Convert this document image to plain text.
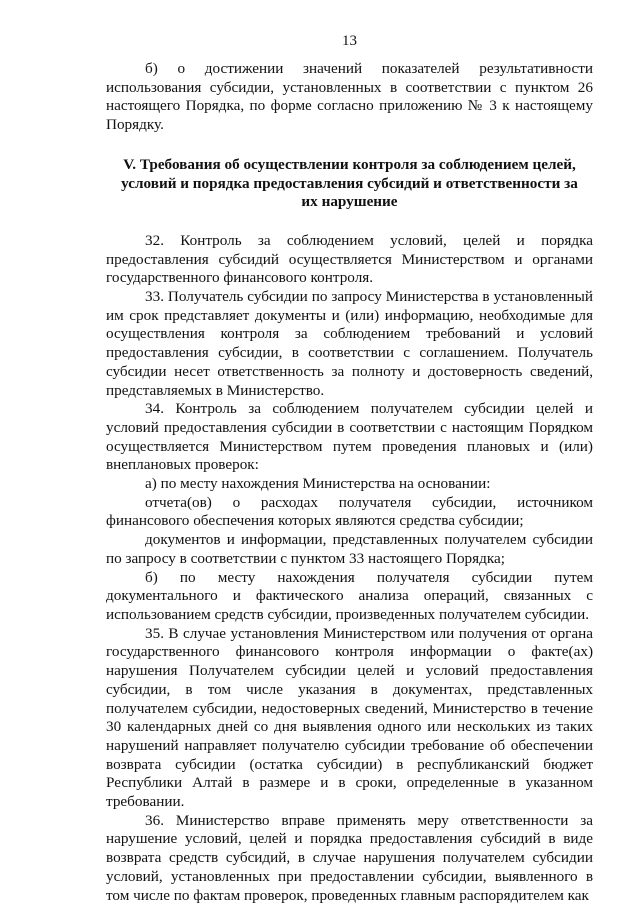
13

б) о достижении значений показателей результативности использования субсидии, установленных в соответствии с пунктом 26 настоящего Порядка, по форме согласно приложению № 3 к настоящему Порядку.

V. Требования об осуществлении контроля за соблюдением целей, условий и порядка предоставления субсидий и ответственности за их нарушение

32. Контроль за соблюдением условий, целей и порядка предоставления субсидий осуществляется Министерством и органами государственного финансового контроля.

33. Получатель субсидии по запросу Министерства в установленный им срок представляет документы и (или) информацию, необходимые для осуществления контроля за соблюдением требований и условий предоставления субсидии, в соответствии с соглашением. Получатель субсидии несет ответственность за полноту и достоверность сведений, представляемых в Министерство.

34. Контроль за соблюдением получателем субсидии целей и условий предоставления субсидии в соответствии с настоящим Порядком осуществляется Министерством путем проведения плановых и (или) внеплановых проверок:

а) по месту нахождения Министерства на основании:

отчета(ов) о расходах получателя субсидии, источником финансового обеспечения которых являются средства субсидии;

документов и информации, представленных получателем субсидии по запросу в соответствии с пунктом 33 настоящего Порядка;

б) по месту нахождения получателя субсидии путем документального и фактического анализа операций, связанных с использованием средств субсидии, произведенных получателем субсидии.

35. В случае установления Министерством или получения от органа государственного финансового контроля информации о факте(ах) нарушения Получателем субсидии целей и условий предоставления субсидии, в том числе указания в документах, представленных получателем субсидии, недостоверных сведений, Министерство в течение 30 календарных дней со дня выявления одного или нескольких из таких нарушений направляет получателю субсидии требование об обеспечении возврата субсидии (остатка субсидии) в республиканский бюджет Республики Алтай в размере и в сроки, определенные в указанном требовании.

36. Министерство вправе применять меру ответственности за нарушение условий, целей и порядка предоставления субсидий в виде возврата средств субсидий, в случае нарушения получателем субсидии условий, установленных при предоставлении субсидии, выявленного в том числе по фактам проверок, проведенных главным распорядителем как
